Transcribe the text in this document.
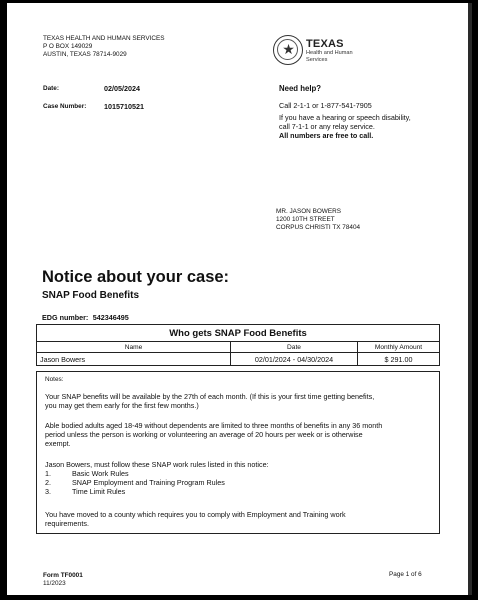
TEXAS HEALTH AND HUMAN SERVICES
P O BOX 149029
AUSTIN, TEXAS 78714-9029	★	TEXAS
Health and Human
Services
Date:	02/05/2024
Case Number: 1015710521
Need help?
Call 2-1-1 or 1-877-541-7905
If you have a hearing or speech disability,
call 7-1-1 or any relay service.
All numbers are free to call.
MR. JASON BOWERS
1200 10TH STREET
CORPUS CHRISTI TX 78404
Notice about your case:
SNAP Food Benefits
EDG number: 542346495
Who gets SNAP Food Benefits		
Name	Date	Monthly Amount
Jason Bowers	02/01/2024 - 04/30/2024	$ 291.00
Notes:
Your SNAP benefits will be available by the 27th of each month. (If this is your first time getting benefits,
you may get them early for the first few months.)
Able bodied adults aged 18-49 without dependents are limited to three months of benefits in any 36 month
period unless the person is working or volunteering an average of 20 hours per week or is otherwise
exempt.
Jason Bowers, must follow these SNAP work rules listed in this notice:
1.	Basic Work Rules
2.	SNAP Employment and Training Program Rules
3.	Time Limit Rules
You have moved to a county which requires you to comply with Employment and Training work
requirements.
Form TF0001
11/2023
Page 1 of 6
